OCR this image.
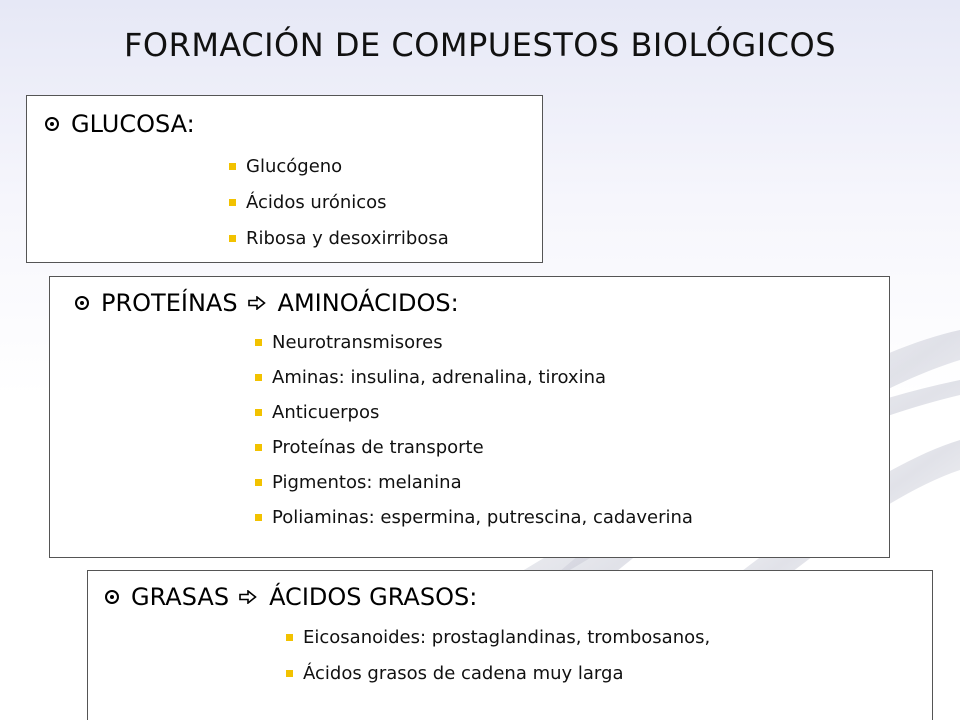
FORMACIÓN DE COMPUESTOS BIOLÓGICOS
GLUCOSA:
Glucógeno
Ácidos urónicos
Ribosa y desoxirribosa
PROTEÍNAS AMINOÁCIDOS:
Neurotransmisores
Aminas: insulina, adrenalina, tiroxina
Anticuerpos
Proteínas de transporte
Pigmentos: melanina
Poliaminas: espermina, putrescina, cadaverina
GRASAS ÁCIDOS GRASOS:
Eicosanoides: prostaglandinas, trombosanos,
Ácidos grasos de cadena muy larga
